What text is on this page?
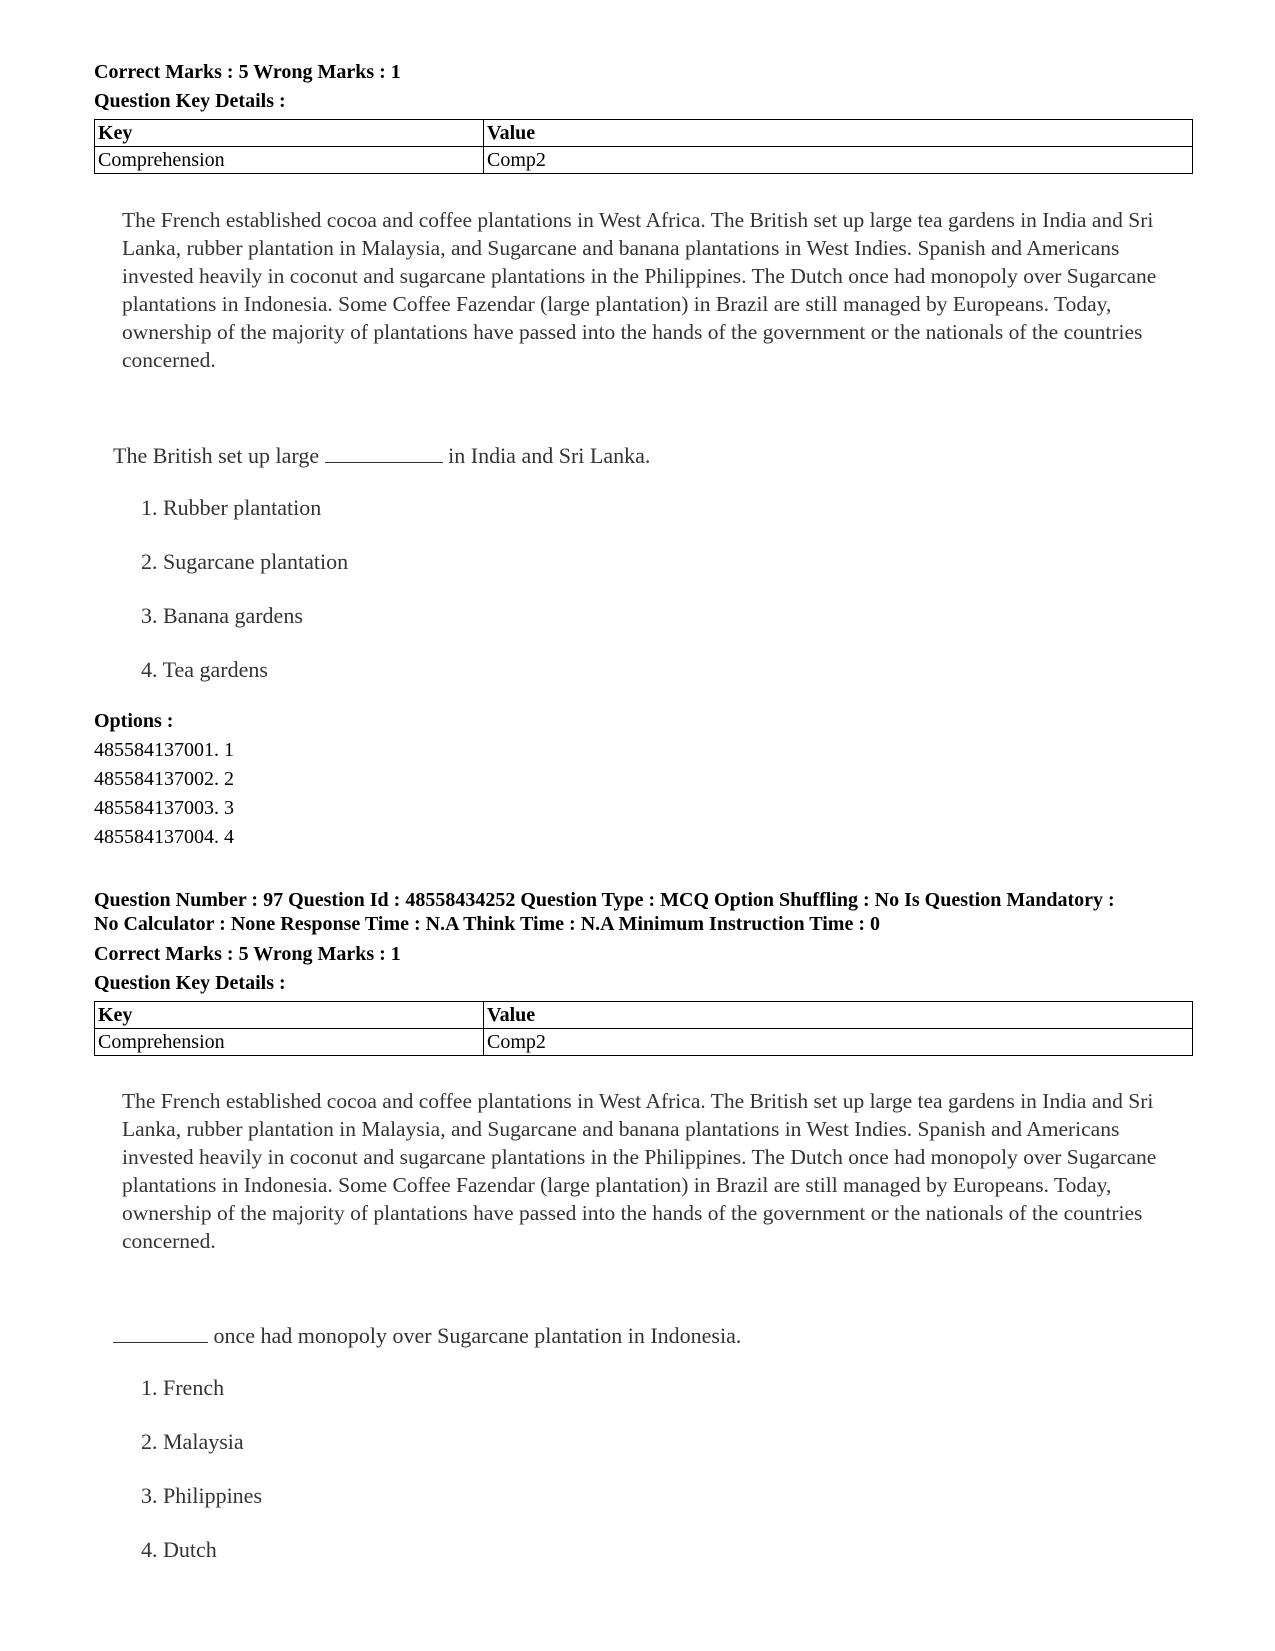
Correct Marks : 5 Wrong Marks : 1
Question Key Details :
Key	Value
Comprehension	Comp2

The French established cocoa and coffee plantations in West Africa. The British set up large tea gardens in India and Sri Lanka, rubber plantation in Malaysia, and Sugarcane and banana plantations in West Indies. Spanish and Americans invested heavily in coconut and sugarcane plantations in the Philippines. The Dutch once had monopoly over Sugarcane plantations in Indonesia. Some Coffee Fazendar (large plantation) in Brazil are still managed by Europeans. Today, ownership of the majority of plantations have passed into the hands of the government or the nationals of the countries concerned.

The British set up large	in India and Sri Lanka.
1. Rubber plantation
2. Sugarcane plantation
3. Banana gardens
4. Tea gardens
Options :
485584137001. 1
485584137002. 2
485584137003. 3
485584137004. 4
Question Number : 97 Question Id : 48558434252 Question Type : MCQ Option Shuffling : No Is Question Mandatory :
No Calculator : None Response Time : N.A Think Time : N.A Minimum Instruction Time : 0
Correct Marks : 5 Wrong Marks : 1
Question Key Details :
Key	Value
Comprehension	Comp2

The French established cocoa and coffee plantations in West Africa. The British set up large tea gardens in India and Sri Lanka, rubber plantation in Malaysia, and Sugarcane and banana plantations in West Indies. Spanish and Americans invested heavily in coconut and sugarcane plantations in the Philippines. The Dutch once had monopoly over Sugarcane plantations in Indonesia. Some Coffee Fazendar (large plantation) in Brazil are still managed by Europeans. Today, ownership of the majority of plantations have passed into the hands of the government or the nationals of the countries concerned.

once had monopoly over Sugarcane plantation in Indonesia.
1. French
2. Malaysia
3. Philippines
4. Dutch
